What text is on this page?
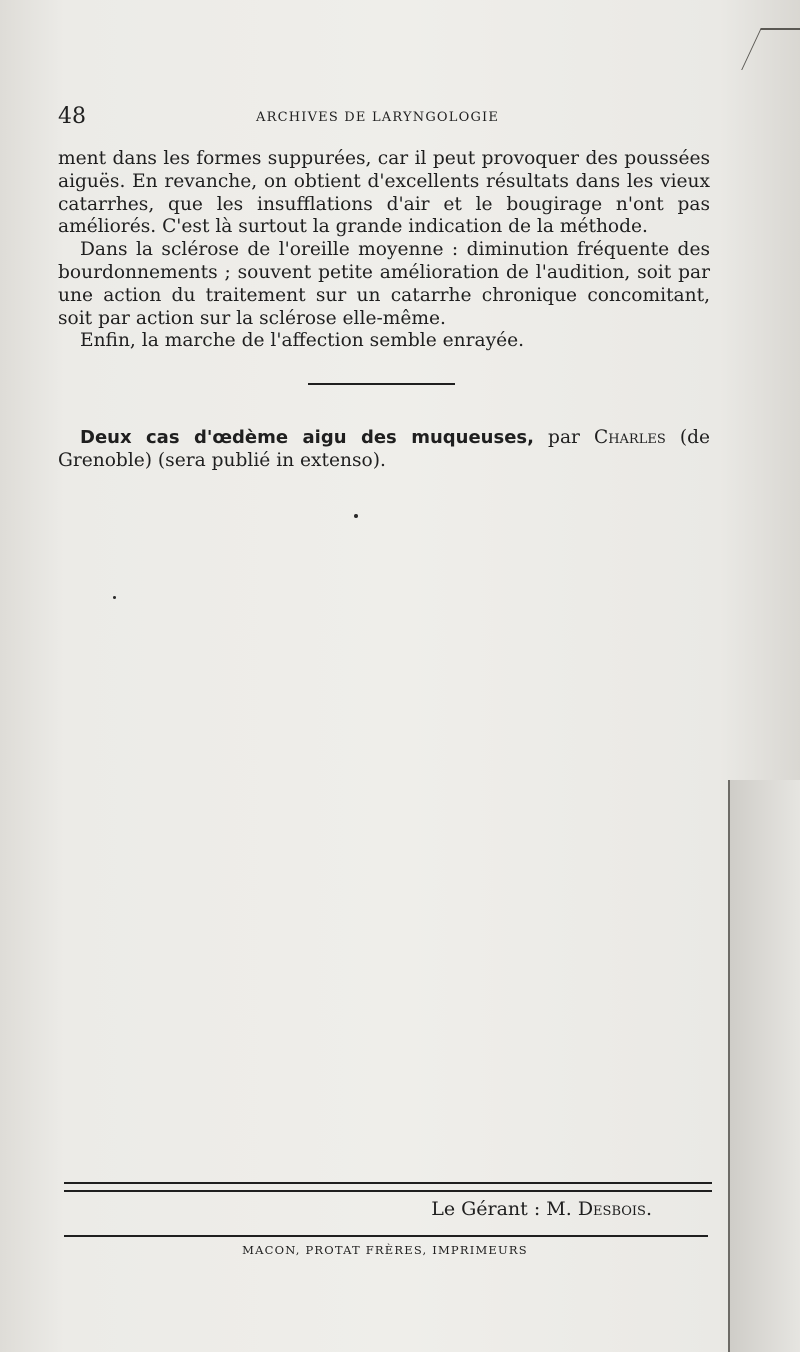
48	ARCHIVES DE LARYNGOLOGIE

ment dans les formes suppurées, car il peut provoquer des poussées aiguës. En revanche, on obtient d'excellents résultats dans les vieux catarrhes, que les insufflations d'air et le bougirage n'ont pas améliorés. C'est là surtout la grande indication de la méthode.

Dans la sclérose de l'oreille moyenne : diminution fréquente des bourdonnements ; souvent petite amélioration de l'audition, soit par une action du traitement sur un catarrhe chronique concomitant, soit par action sur la sclérose elle-même.

Enfin, la marche de l'affection semble enrayée.

Deux cas d'œdème aigu des muqueuses, par Charles (de Grenoble) (sera publié in extenso).

Le Gérant : M. Desbois.
MACON, PROTAT FRÈRES, IMPRIMEURS
